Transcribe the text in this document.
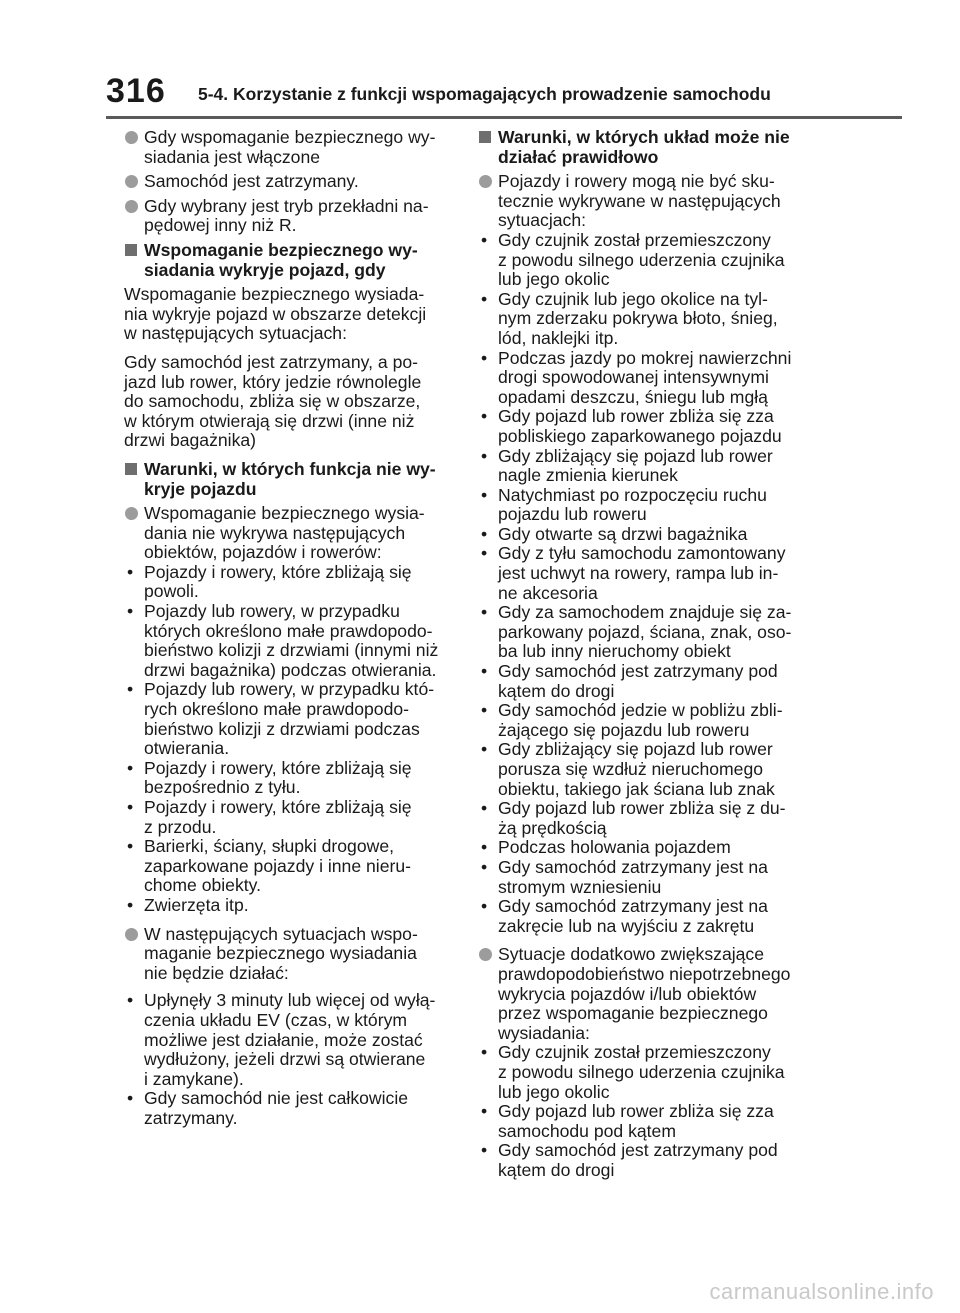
316 5-4. Korzystanie z funkcji wspomagających prowadzenie samochodu
Gdy wspomaganie bezpiecznego wy-
siadania jest włączone
Samochód jest zatrzymany.
Gdy wybrany jest tryb przekładni na-
pędowej inny niż R.
Wspomaganie bezpiecznego wy-
siadania wykryje pojazd, gdy
Wspomaganie bezpiecznego wysiada-
nia wykryje pojazd w obszarze detekcji
w następujących sytuacjach:
Gdy samochód jest zatrzymany, a po-
jazd lub rower, który jedzie równolegle
do samochodu, zbliża się w obszarze,
w którym otwierają się drzwi (inne niż
drzwi bagażnika)
Warunki, w których funkcja nie wy-
kryje pojazdu
Wspomaganie bezpiecznego wysia-
dania nie wykrywa następujących
obiektów, pojazdów i rowerów:
• Pojazdy i rowery, które zbliżają się
powoli.
• Pojazdy lub rowery, w przypadku
których określono małe prawdopodo-
bieństwo kolizji z drzwiami (innymi niż
drzwi bagażnika) podczas otwierania.
• Pojazdy lub rowery, w przypadku któ-
rych określono małe prawdopodo-
bieństwo kolizji z drzwiami podczas
otwierania.
• Pojazdy i rowery, które zbliżają się
bezpośrednio z tyłu.
• Pojazdy i rowery, które zbliżają się
z przodu.
• Barierki, ściany, słupki drogowe,
zaparkowane pojazdy i inne nieru-
chome obiekty.
• Zwierzęta itp.
W następujących sytuacjach wspo-
maganie bezpiecznego wysiadania
nie będzie działać:
• Upłynęły 3 minuty lub więcej od wyłą-
czenia układu EV (czas, w którym
możliwe jest działanie, może zostać
wydłużony, jeżeli drzwi są otwierane
i zamykane).
• Gdy samochód nie jest całkowicie
zatrzymany.
Warunki, w których układ może nie
działać prawidłowo
Pojazdy i rowery mogą nie być sku-
tecznie wykrywane w następujących
sytuacjach:
• Gdy czujnik został przemieszczony
z powodu silnego uderzenia czujnika
lub jego okolic
• Gdy czujnik lub jego okolice na tyl-
nym zderzaku pokrywa błoto, śnieg,
lód, naklejki itp.
• Podczas jazdy po mokrej nawierzchni
drogi spowodowanej intensywnymi
opadami deszczu, śniegu lub mgłą
• Gdy pojazd lub rower zbliża się zza
pobliskiego zaparkowanego pojazdu
• Gdy zbliżający się pojazd lub rower
nagle zmienia kierunek
• Natychmiast po rozpoczęciu ruchu
pojazdu lub roweru
• Gdy otwarte są drzwi bagażnika
• Gdy z tyłu samochodu zamontowany
jest uchwyt na rowery, rampa lub in-
ne akcesoria
• Gdy za samochodem znajduje się za-
parkowany pojazd, ściana, znak, oso-
ba lub inny nieruchomy obiekt
• Gdy samochód jest zatrzymany pod
kątem do drogi
• Gdy samochód jedzie w pobliżu zbli-
żającego się pojazdu lub roweru
• Gdy zbliżający się pojazd lub rower
porusza się wzdłuż nieruchomego
obiektu, takiego jak ściana lub znak
• Gdy pojazd lub rower zbliża się z du-
żą prędkością
• Podczas holowania pojazdem
• Gdy samochód zatrzymany jest na
stromym wzniesieniu
• Gdy samochód zatrzymany jest na
zakręcie lub na wyjściu z zakrętu
Sytuacje dodatkowo zwiększające
prawdopodobieństwo niepotrzebnego
wykrycia pojazdów i/lub obiektów
przez wspomaganie bezpiecznego
wysiadania:
• Gdy czujnik został przemieszczony
z powodu silnego uderzenia czujnika
lub jego okolic
• Gdy pojazd lub rower zbliża się zza
samochodu pod kątem
• Gdy samochód jest zatrzymany pod
kątem do drogi
carmanualsonline.info
